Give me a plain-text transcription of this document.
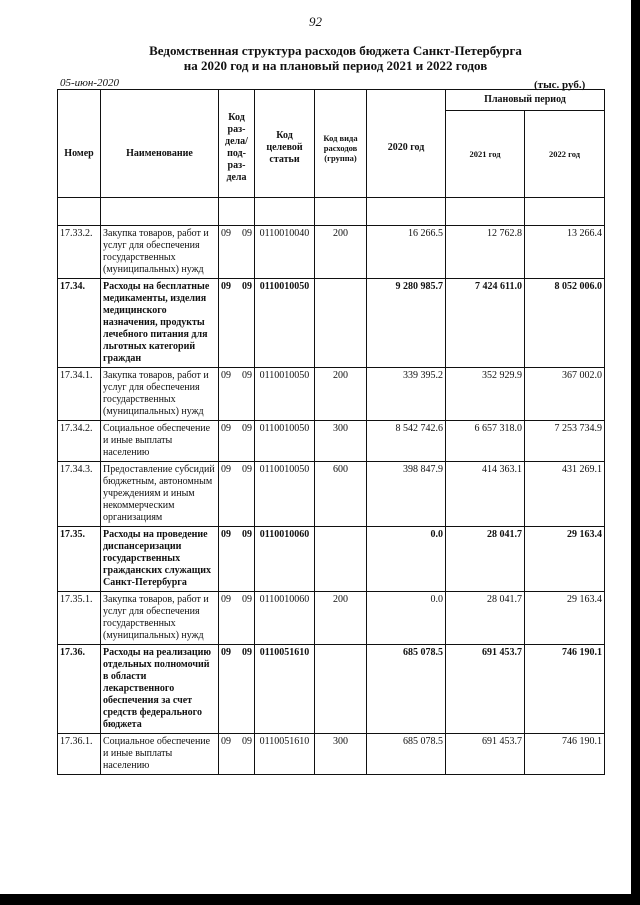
92
Ведомственная структура расходов бюджета Санкт-Петербурга
на 2020 год и на плановый период 2021 и 2022 годов
05-июн-2020	(тыс. руб.)
Номер	Наименование	Код раз- дела/ под- раз- дела	Код целевой статьи	Код вида расходов (группа)	2020 год	Плановый период	
						2021 год	2022 год

17.33.2.	Закупка товаров, работ и услуг для обеспечения государственных (муниципальных) нужд	09 09	0110010040	200	16 266.5	12 762.8	13 266.4
17.34.	Расходы на бесплатные медикаменты, изделия медицинского назначения, продукты лечебного питания для льготных категорий граждан	09 09	0110010050		9 280 985.7	7 424 611.0	8 052 006.0
17.34.1.	Закупка товаров, работ и услуг для обеспечения государственных (муниципальных) нужд	09 09	0110010050	200	339 395.2	352 929.9	367 002.0
17.34.2.	Социальное обеспечение и иные выплаты населению	09 09	0110010050	300	8 542 742.6	6 657 318.0	7 253 734.9
17.34.3.	Предоставление субсидий бюджетным, автономным учреждениям и иным некоммерческим организациям	09 09	0110010050	600	398 847.9	414 363.1	431 269.1
17.35.	Расходы на проведение диспансеризации государственных гражданских служащих Санкт-Петербурга	09 09	0110010060		0.0	28 041.7	29 163.4
17.35.1.	Закупка товаров, работ и услуг для обеспечения государственных (муниципальных) нужд	09 09	0110010060	200	0.0	28 041.7	29 163.4
17.36.	Расходы на реализацию отдельных полномочий в области лекарственного обеспечения за счет средств федерального бюджета	09 09	0110051610		685 078.5	691 453.7	746 190.1
17.36.1.	Социальное обеспечение и иные выплаты населению	09 09	0110051610	300	685 078.5	691 453.7	746 190.1
